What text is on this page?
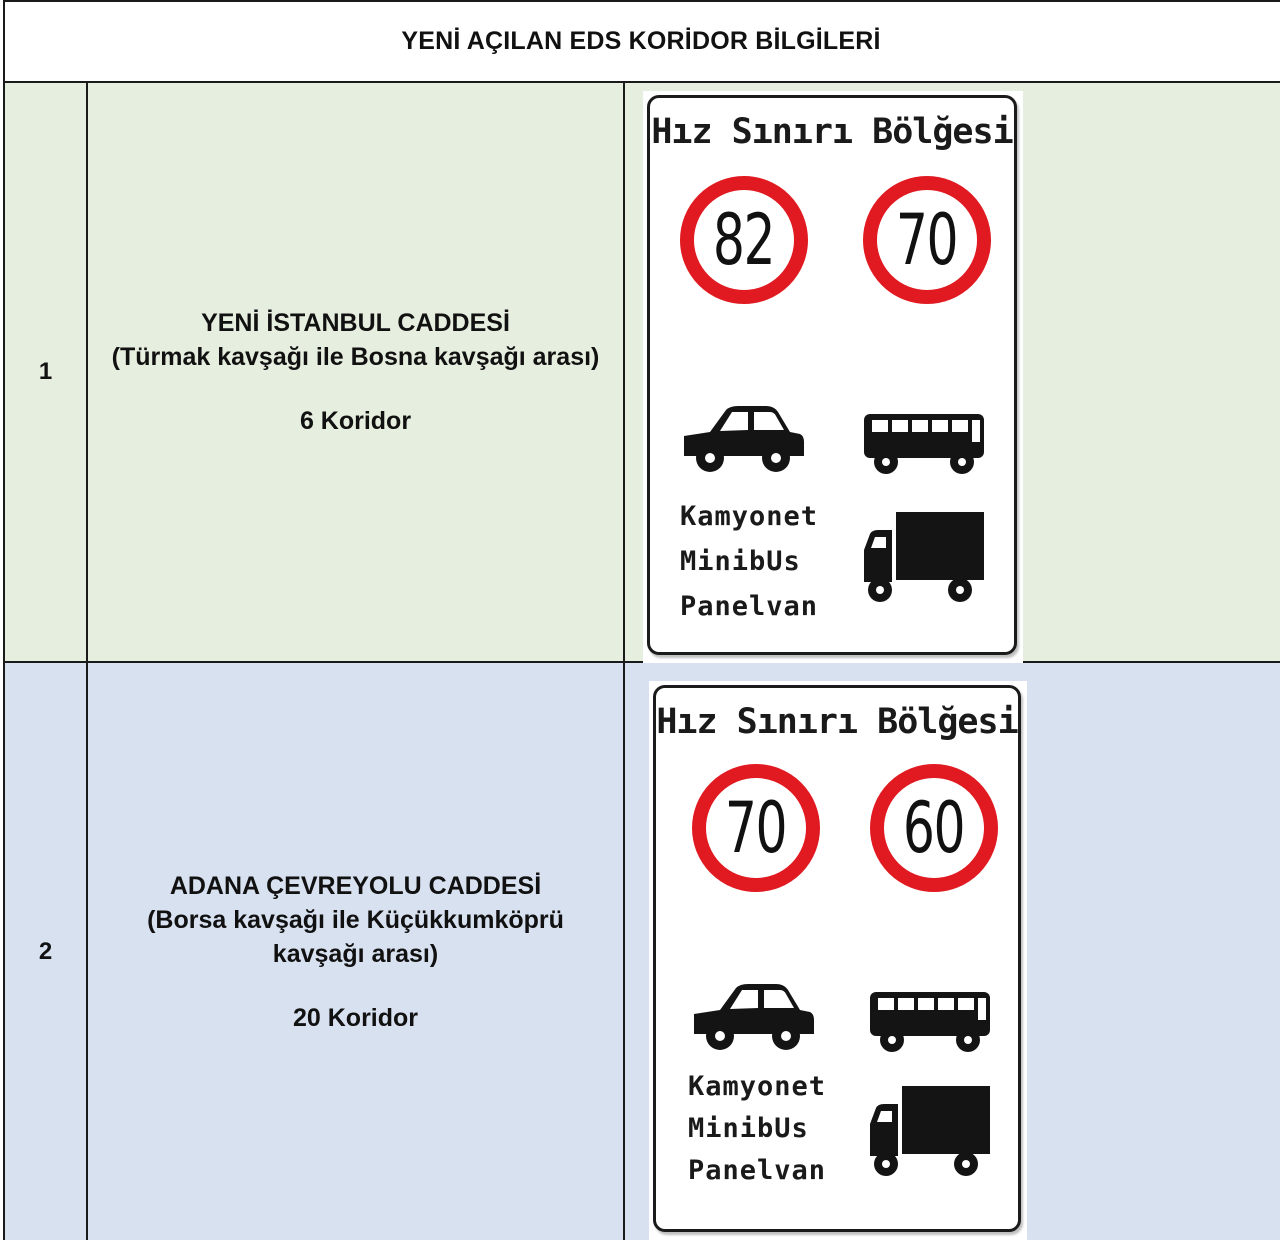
YENİ AÇILAN EDS KORİDOR BİLGİLERİ
1
YENİ İSTANBUL CADDESİ
(Türmak kavşağı ile Bosna kavşağı arası)
6 Koridor
Hız Sınırı Bölğesi
82 70
Kamyonet
MinibUs
Panelvan
2
ADANA ÇEVREYOLU CADDESİ
(Borsa kavşağı ile Küçükkumköprü kavşağı arası)
20 Koridor
Hız Sınırı Bölğesi
70 60
Kamyonet
MinibUs
Panelvan
